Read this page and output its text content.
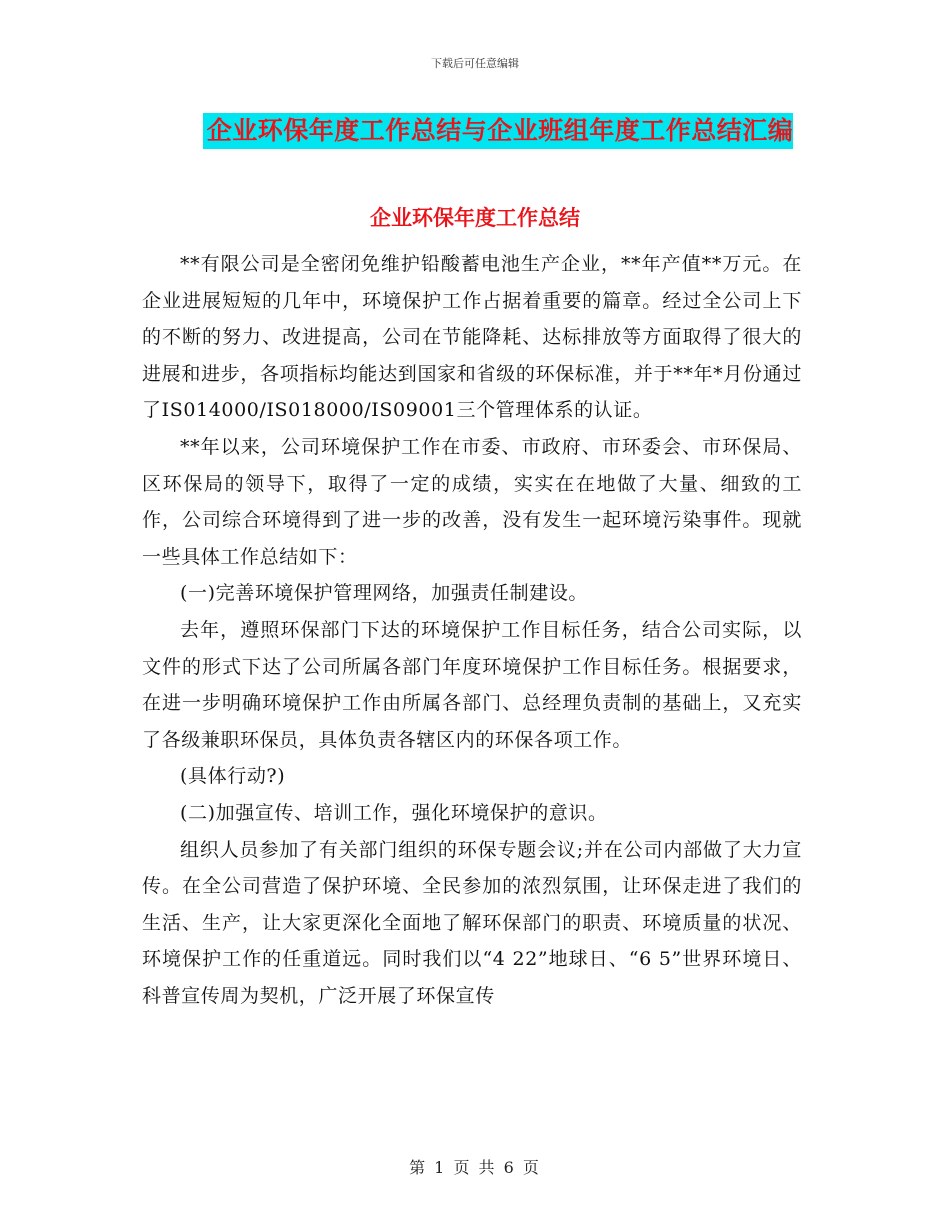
下载后可任意编辑
企业环保年度工作总结与企业班组年度工作总结汇编
企业环保年度工作总结

**有限公司是全密闭免维护铅酸蓄电池生产企业，**年产值**万元。在企业进展短短的几年中，环境保护工作占据着重要的篇章。经过全公司上下的不断的努力、改进提高，公司在节能降耗、达标排放等方面取得了很大的进展和进步，各项指标均能达到国家和省级的环保标准，并于**年*月份通过了IS014000/IS018000/IS09001三个管理体系的认证。

**年以来，公司环境保护工作在市委、市政府、市环委会、市环保局、区环保局的领导下，取得了一定的成绩，实实在在地做了大量、细致的工作，公司综合环境得到了进一步的改善，没有发生一起环境污染事件。现就一些具体工作总结如下：

(一)完善环境保护管理网络，加强责任制建设。

去年，遵照环保部门下达的环境保护工作目标任务，结合公司实际，以文件的形式下达了公司所属各部门年度环境保护工作目标任务。根据要求，在进一步明确环境保护工作由所属各部门、总经理负责制的基础上，又充实了各级兼职环保员，具体负责各辖区内的环保各项工作。

(具体行动?)

(二)加强宣传、培训工作，强化环境保护的意识。

组织人员参加了有关部门组织的环保专题会议;并在公司内部做了大力宣传。在全公司营造了保护环境、全民参加的浓烈氛围，让环保走进了我们的生活、生产，让大家更深化全面地了解环保部门的职责、环境质量的状况、环境保护工作的任重道远。同时我们以“4 22”地球日、“6 5”世界环境日、科普宣传周为契机，广泛开展了环保宣传

第 1 页 共 6 页
